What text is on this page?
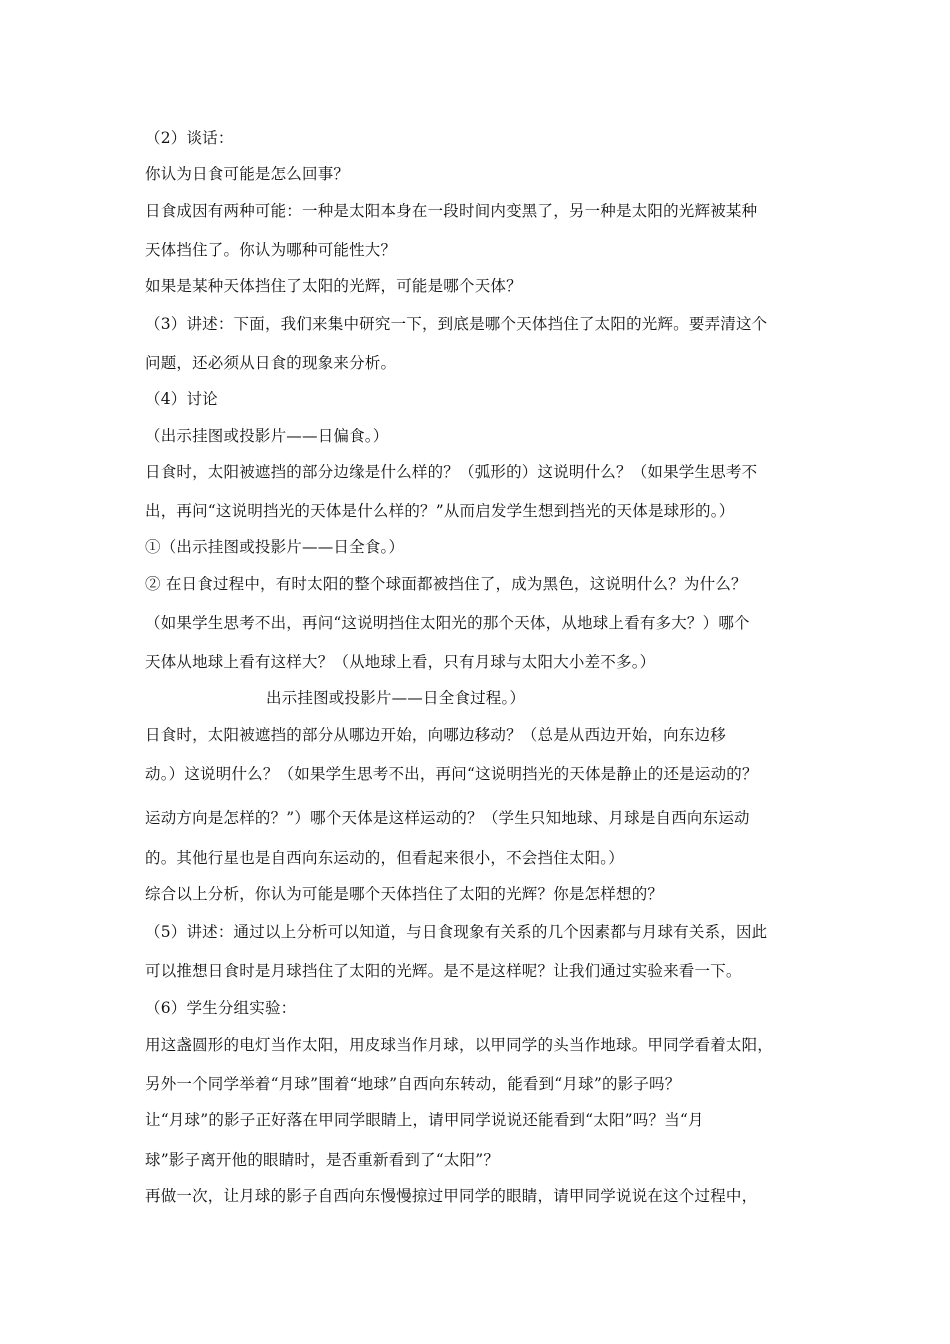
（2）谈话：
你认为日食可能是怎么回事？
日食成因有两种可能：一种是太阳本身在一段时间内变黑了，另一种是太阳的光辉被某种
天体挡住了。你认为哪种可能性大？
如果是某种天体挡住了太阳的光辉，可能是哪个天体？
（3）讲述：下面，我们来集中研究一下，到底是哪个天体挡住了太阳的光辉。要弄清这个
问题，还必须从日食的现象来分析。
（4）讨论
（出示挂图或投影片——日偏食。）
日食时，太阳被遮挡的部分边缘是什么样的？（弧形的）这说明什么？（如果学生思考不
出，再问“这说明挡光的天体是什么样的？”从而启发学生想到挡光的天体是球形的。）
①（出示挂图或投影片——日全食。）
② 在日食过程中，有时太阳的整个球面都被挡住了，成为黑色，这说明什么？为什么？
（如果学生思考不出，再问“这说明挡住太阳光的那个天体，从地球上看有多大？）哪个
天体从地球上看有这样大？（从地球上看，只有月球与太阳大小差不多。）
出示挂图或投影片——日全食过程。）
日食时，太阳被遮挡的部分从哪边开始，向哪边移动？（总是从西边开始，向东边移
动。）这说明什么？（如果学生思考不出，再问“这说明挡光的天体是静止的还是运动的？
运动方向是怎样的？”）哪个天体是这样运动的？（学生只知地球、月球是自西向东运动
的。其他行星也是自西向东运动的，但看起来很小，不会挡住太阳。）
综合以上分析，你认为可能是哪个天体挡住了太阳的光辉？你是怎样想的？
（5）讲述：通过以上分析可以知道，与日食现象有关系的几个因素都与月球有关系，因此
可以推想日食时是月球挡住了太阳的光辉。是不是这样呢？让我们通过实验来看一下。
（6）学生分组实验：
用这盏圆形的电灯当作太阳，用皮球当作月球，以甲同学的头当作地球。甲同学看着太阳，
另外一个同学举着“月球”围着“地球”自西向东转动，能看到“月球”的影子吗？
让“月球”的影子正好落在甲同学眼睛上，请甲同学说说还能看到“太阳”吗？当“月
球”影子离开他的眼睛时，是否重新看到了“太阳”？
再做一次，让月球的影子自西向东慢慢掠过甲同学的眼睛，请甲同学说说在这个过程中，
